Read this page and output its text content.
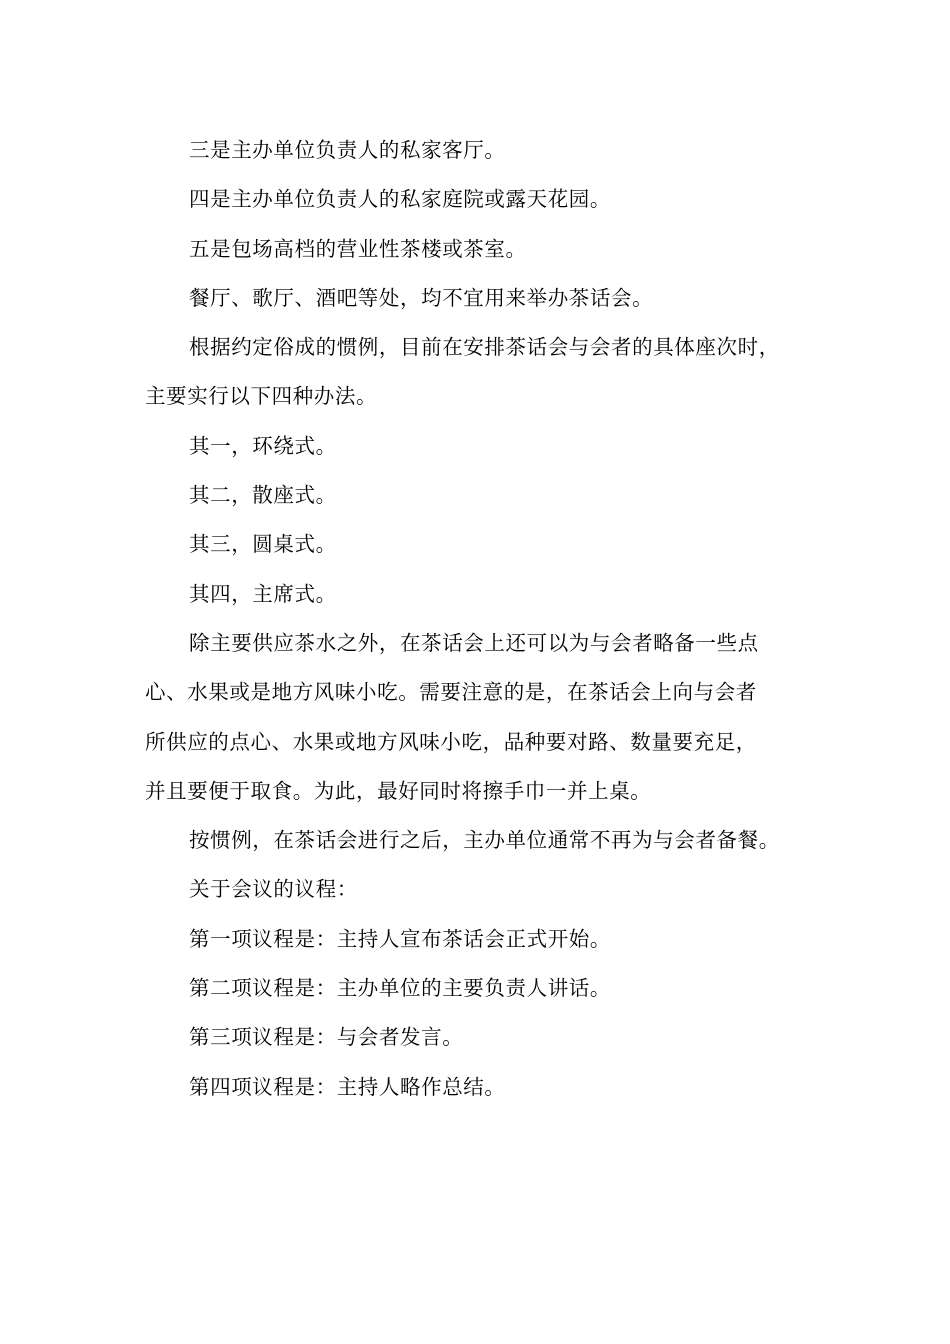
三是主办单位负责人的私家客厅。

四是主办单位负责人的私家庭院或露天花园。

五是包场高档的营业性茶楼或茶室。

餐厅、歌厅、酒吧等处，均不宜用来举办茶话会。

根据约定俗成的惯例，目前在安排茶话会与会者的具体座次时，
主要实行以下四种办法。

其一，环绕式。

其二，散座式。

其三，圆桌式。

其四，主席式。

除主要供应茶水之外，在茶话会上还可以为与会者略备一些点
心、水果或是地方风味小吃。需要注意的是，在茶话会上向与会者
所供应的点心、水果或地方风味小吃，品种要对路、数量要充足，
并且要便于取食。为此，最好同时将擦手巾一并上桌。

按惯例，在茶话会进行之后，主办单位通常不再为与会者备餐。

关于会议的议程：

第一项议程是：主持人宣布茶话会正式开始。

第二项议程是：主办单位的主要负责人讲话。

第三项议程是：与会者发言。

第四项议程是：主持人略作总结。
